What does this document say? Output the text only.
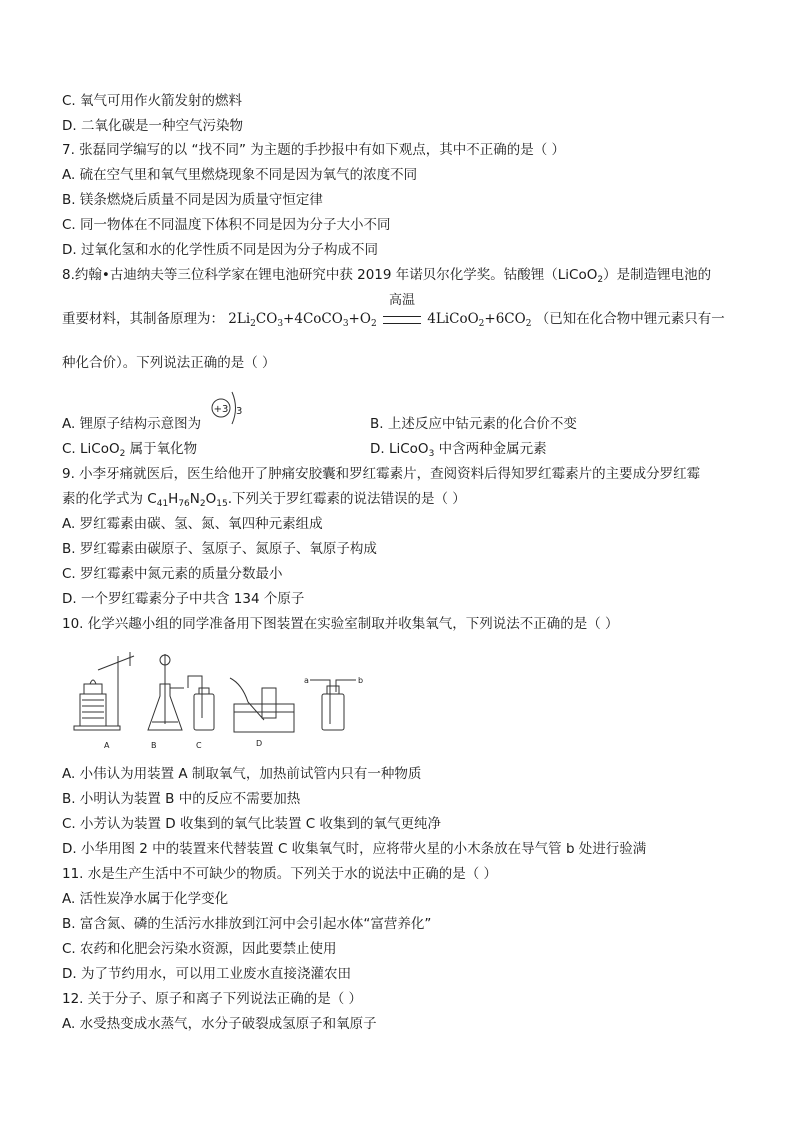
C. 氧气可用作火箭发射的燃料
D. 二氧化碳是一种空气污染物
7. 张磊同学编写的以 “找不同” 为主题的手抄报中有如下观点，其中不正确的是（ ）
A. 硫在空气里和氧气里燃烧现象不同是因为氧气的浓度不同
B. 镁条燃烧后质量不同是因为质量守恒定律
C. 同一物体在不同温度下体积不同是因为分子大小不同
D. 过氧化氢和水的化学性质不同是因为分子构成不同
8.约翰•古迪纳夫等三位科学家在锂电池研究中获 2019 年诺贝尔化学奖。钴酸锂（LiCoO$_2$）是制造锂电池的
重要材料，其制备原理为： $2Li_2CO_3+4CoCO_3+O_2$
高温
$4LiCoO_2+6CO_2$ （已知在化合物中锂元素只有一
种化合价）。下列说法正确的是（ ）
A. 锂原子结构示意图为
+3 3
B. 上述反应中钴元素的化合价不变
C. LiCoO$_2$ 属于氧化物	D. LiCoO$_3$ 中含两种金属元素
9. 小李牙痛就医后，医生给他开了肿痛安胶囊和罗红霉素片，查阅资料后得知罗红霉素片的主要成分罗红霉
素的化学式为 $C_{41}H_{76}N_2O_{15}$.下列关于罗红霉素的说法错误的是（ ）
A. 罗红霉素由碳、氢、氮、氧四种元素组成
B. 罗红霉素由碳原子、氢原子、氮原子、氧原子构成
C. 罗红霉素中氮元素的质量分数最小
D. 一个罗红霉素分子中共含 134 个原子
10. 化学兴趣小组的同学准备用下图装置在实验室制取并收集氧气，下列说法不正确的是（ ）
A	B	C	D
a	b
A. 小伟认为用装置 A 制取氧气，加热前试管内只有一种物质
B. 小明认为装置 B 中的反应不需要加热
C. 小芳认为装置 D 收集到的氧气比装置 C 收集到的氧气更纯净
D. 小华用图 2 中的装置来代替装置 C 收集氧气时，应将带火星的小木条放在导气管 b 处进行验满
11. 水是生产生活中不可缺少的物质。下列关于水的说法中正确的是（ ）
A. 活性炭净水属于化学变化
B. 富含氮、磷的生活污水排放到江河中会引起水体“富营养化”
C. 农药和化肥会污染水资源，因此要禁止使用
D. 为了节约用水，可以用工业废水直接浇灌农田
12. 关于分子、原子和离子下列说法正确的是（ ）
A. 水受热变成水蒸气，水分子破裂成氢原子和氧原子
